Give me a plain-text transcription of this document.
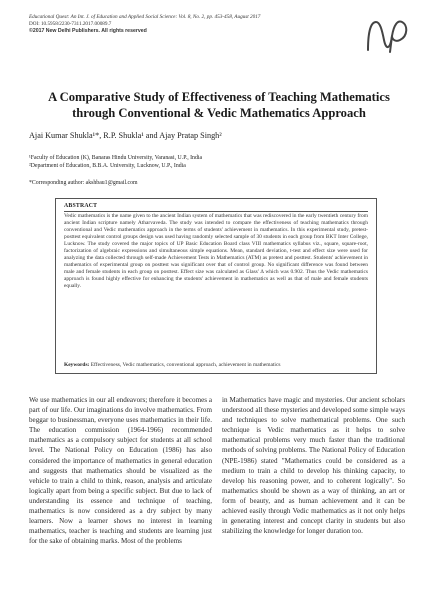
Educational Quest: An Int. J. of Education and Applied Social Science: Vol. 8, No. 2, pp. 453-458, August 2017
DOI: 10.5958/2230-7311.2017.00089.7
©2017 New Delhi Publishers. All rights reserved
A Comparative Study of Effectiveness of Teaching Mathematics through Conventional & Vedic Mathematics Approach
Ajai Kumar Shukla¹*, R.P. Shukla¹ and Ajay Pratap Singh²
¹Faculty of Education (K), Banaras Hindu University, Varanasi, U.P., India
²Department of Education, B.B.A. University, Lucknow, U.P., India
*Corresponding author: akshbau1@gmail.com
ABSTRACT
Vedic mathematics is the name given to the ancient Indian system of mathematics that was rediscovered in the early twentieth century from ancient Indian scripture namely Atharvaveda. The study was intended to compare the effectiveness of teaching mathematics through conventional and Vedic mathematics approach in the terms of students' achievement in mathematics. In this experimental study, pretest-posttest equivalent control groups design was used having randomly selected sample of 30 students in each group from BKT Inter College, Lucknow. The study covered the major topics of UP Basic Education Board class VIII mathematics syllabus viz., square, square-root, factorization of algebraic expressions and simultaneous simple equations. Mean, standard deviation, t-test and effect size were used for analyzing the data collected through self-made Achievement Tests in Mathematics (ATM) as pretest and posttest. Students' achievement in mathematics of experimental group on posttest was significant over that of control group. No significant difference was found between male and female students in each group on posttest. Effect size was calculated as Glass' Δ which was 0.902. Thus the Vedic mathematics approach is found highly effective for enhancing the students' achievement in mathematics as well as that of male and female students equally.
Keywords: Effectiveness, Vedic mathematics, conventional approach, achievement in mathematics
We use mathematics in our all endeavors; therefore it becomes a part of our life. Our imaginations do involve mathematics. From beggar to businessman, everyone uses mathematics in their life. The education commission (1964-1966) recommended mathematics as a compulsory subject for students at all school level. The National Policy on Education (1986) has also considered the importance of mathematics in general education and suggests that mathematics should be visualized as the vehicle to train a child to think, reason, analysis and articulate logically apart from being a specific subject. But due to lack of understanding its essence and technique of teaching, mathematics is now considered as a dry subject by many learners. Now a learner shows no interest in learning mathematics, teacher is teaching and students are learning just for the sake of obtaining marks. Most of the problems
in Mathematics have magic and mysteries. Our ancient scholars understood all these mysteries and developed some simple ways and techniques to solve mathematical problems. One such technique is Vedic mathematics as it helps to solve mathematical problems very much faster than the traditional methods of solving problems. The National Policy of Education (NPE-1986) stated "Mathematics could be considered as a medium to train a child to develop his thinking capacity, to develop his reasoning power, and to coherent logically". So mathematics should be shown as a way of thinking, an art or form of beauty, and as human achievement and it can be achieved easily through Vedic mathematics as it not only helps in generating interest and concept clarity in students but also stabilizing the knowledge for longer duration too.
